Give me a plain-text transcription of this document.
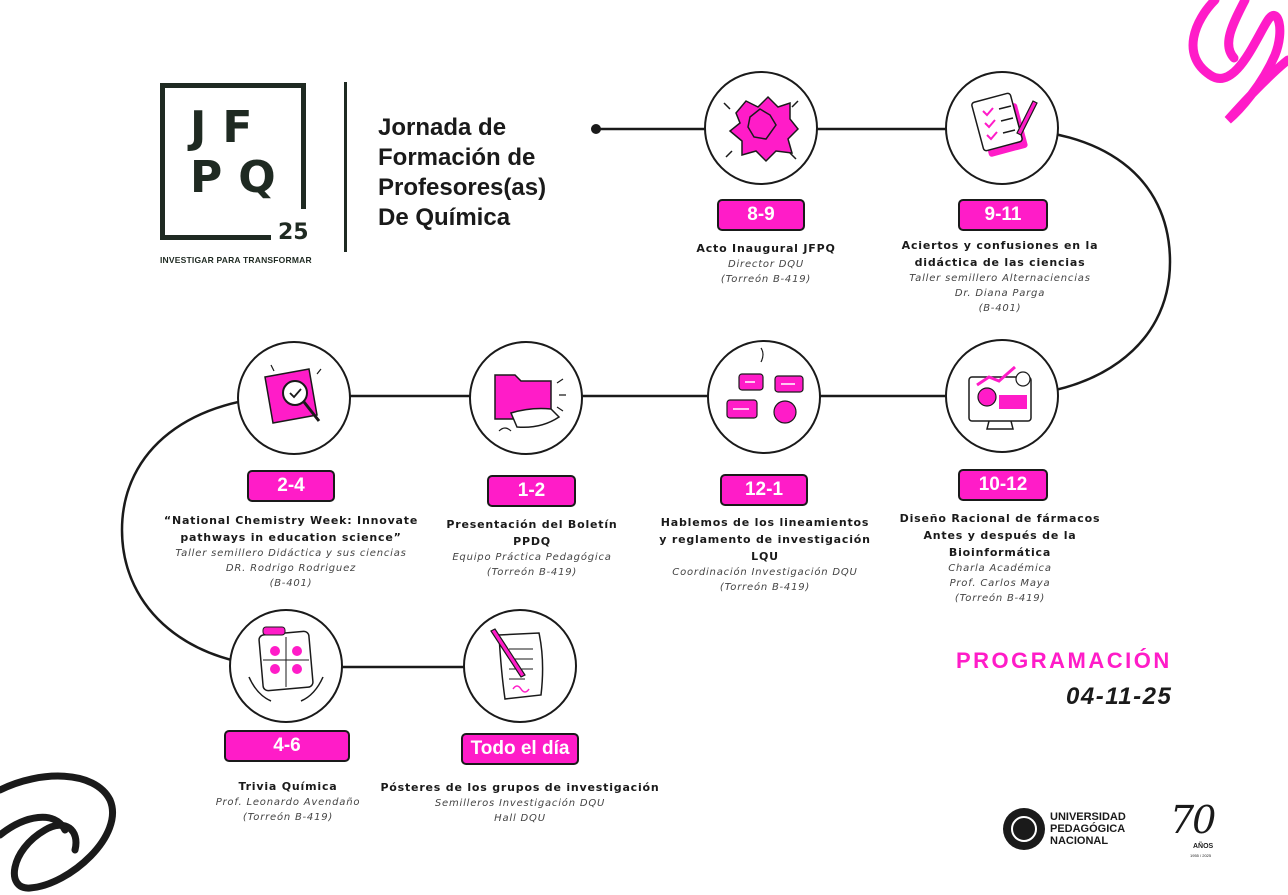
JF
PQ
25
INVESTIGAR PARA TRANSFORMAR
Jornada de
Formación de
Profesores(as)
De Química	8-9
Acto Inaugural JFPQ
Director DQU
(Torreón B-419)
9-11
Aciertos y confusiones en la didáctica de las ciencias
Taller semillero Alternaciencias
Dr. Diana Parga
(B-401)
10-12
Diseño Racional de fármacos Antes y después de la Bioinformática
Charla Académica
Prof. Carlos Maya
(Torreón B-419)
12-1
Hablemos de los lineamientos y reglamento de investigación LQU
Coordinación Investigación DQU
(Torreón B-419)
1-2
Presentación del Boletín PPDQ
Equipo Práctica Pedagógica
(Torreón B-419)
2-4
“National Chemistry Week: Innovate pathways in education science”
Taller semillero Didáctica y sus ciencias
DR. Rodrigo Rodriguez
(B-401)
4-6
Trivia Química
Prof. Leonardo Avendaño
(Torreón B-419)
Todo el día
Pósteres de los grupos de investigación
Semilleros Investigación DQU
Hall DQU
PROGRAMACIÓN
04-11-25
UNIVERSIDAD
PEDAGÓGICA
NACIONAL	70
AÑOS
1955 / 2025
